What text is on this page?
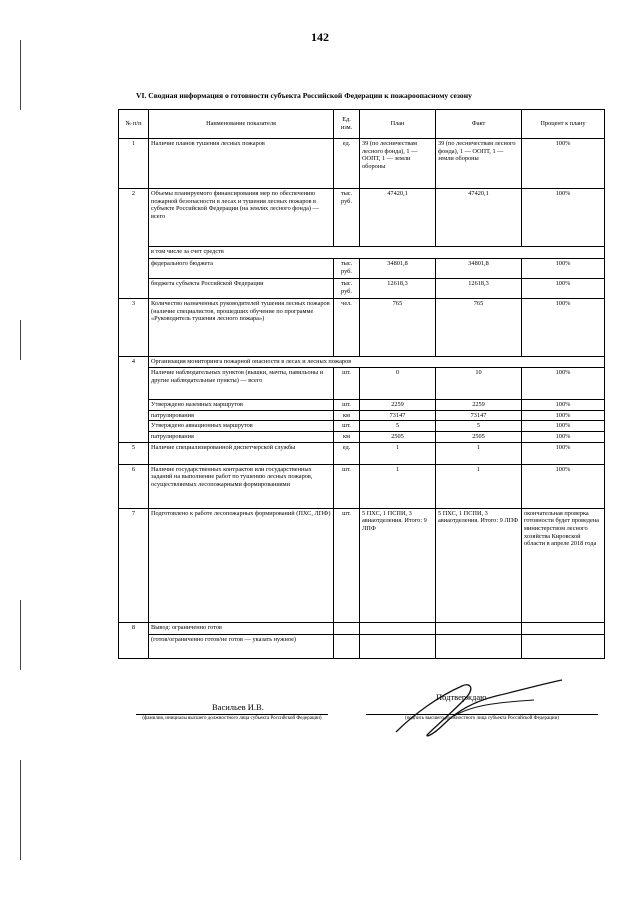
142
VI. Сводная информация о готовности субъекта Российской Федерации к пожароопасному сезону
№ п/п	Наименование показателя	Ед. изм.	План	Факт	Процент к плану
1	Наличие планов тушения лесных пожаров	ед.	39 (по лесничествам лесного фонда), 1 — ООПТ, 1 — земли обороны	39 (по лесничествам лесного фонда), 1 — ООПТ, 1 — земли обороны	100%
2	Объемы планируемого финансирования мер по обеспечению пожарной безопасности в лесах и тушения лесных пожаров в субъекте Российской Федерации (на землях лесного фонда) — всего	тыс. руб.	47420,1	47420,1	100%
	в том числе за счет средств				
	федерального бюджета	тыс. руб.	34801,8	34801,8	100%
	бюджета субъекта Российской Федерации	тыс. руб.	12618,3	12618,3	100%
3	Количество назначенных руководителей тушения лесных пожаров (наличие специалистов, прошедших обучение по программе «Руководитель тушения лесного пожара»)	чел.	765	765	100%
4	Организация мониторинга пожарной опасности в лесах и лесных пожаров				
	Наличие наблюдательных пунктов (вышки, мачты, павильоны и другие наблюдательные пункты) — всего	шт.	0	10	100%
	Утверждено наземных маршрутов	шт.	2259	2259	100%
	патрулирования	км	73147	73147	100%
	Утверждено авиационных маршрутов	шт.	5	5	100%
	патрулирования	км	2505	2505	100%
5	Наличие специализированной диспетчерской службы	ед.	1	1	100%
6	Наличие государственных контрактов или государственных заданий на выполнение работ по тушению лесных пожаров, осуществляемых лесопожарными формированиями	шт.	1	1	100%
7	Подготовлено к работе лесопожарных формирований (ПХС, ЛПФ)	шт.	5 ПХС, 1 ПСПИ, 3 авиаотделения. Итого: 9 ЛПФ	5 ПХС, 1 ПСПИ, 3 авиаотделения. Итого: 9 ЛПФ	окончательная проверка готовности будет проведена министерством лесного хозяйства Кировской области в апреле 2018 года
8	Вывод: ограниченно готов				
	(готов/ограниченно готов/не готов — указать нужное)				
Васильев И.В.
(фамилия, инициалы высшего должностного лица субъекта Российской Федерации)
Подтверждаю
(подпись высшего должностного лица субъекта Российской Федерации)
